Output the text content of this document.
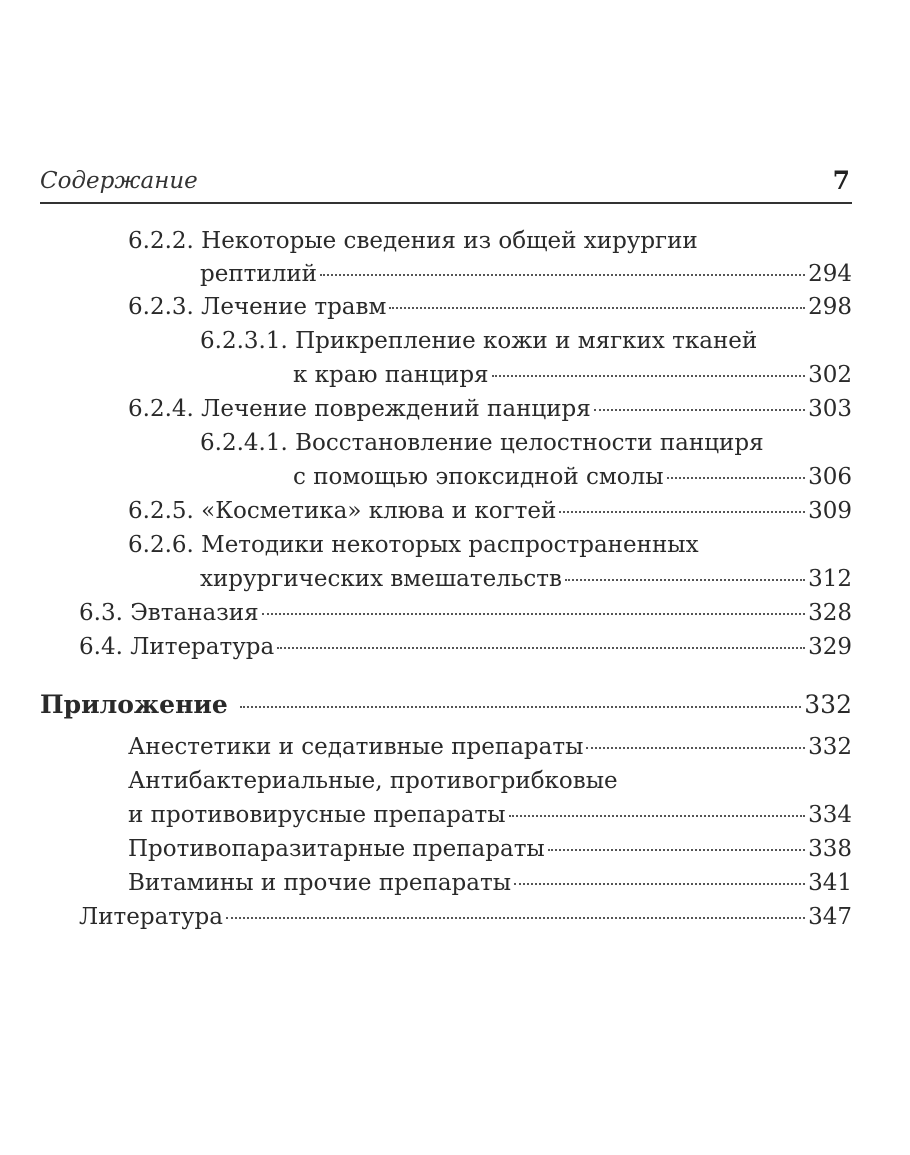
Содержание	7
6.2.2. Некоторые сведения из общей хирургии
рептилий	294
6.2.3. Лечение травм	298
6.2.3.1. Прикрепление кожи и мягких тканей
к краю панциря	302
6.2.4. Лечение повреждений панциря	303
6.2.4.1. Восстановление целостности панциря
с помощью эпоксидной смолы	306
6.2.5. «Косметика» клюва и когтей	309
6.2.6. Методики некоторых распространенных
хирургических вмешательств	312
6.3. Эвтаназия	328
6.4. Литература	329
Приложение	332
Анестетики и седативные препараты	332
Антибактериальные, противогрибковые
и противовирусные препараты	334
Противопаразитарные препараты	338
Витамины и прочие препараты	341
Литература	347
